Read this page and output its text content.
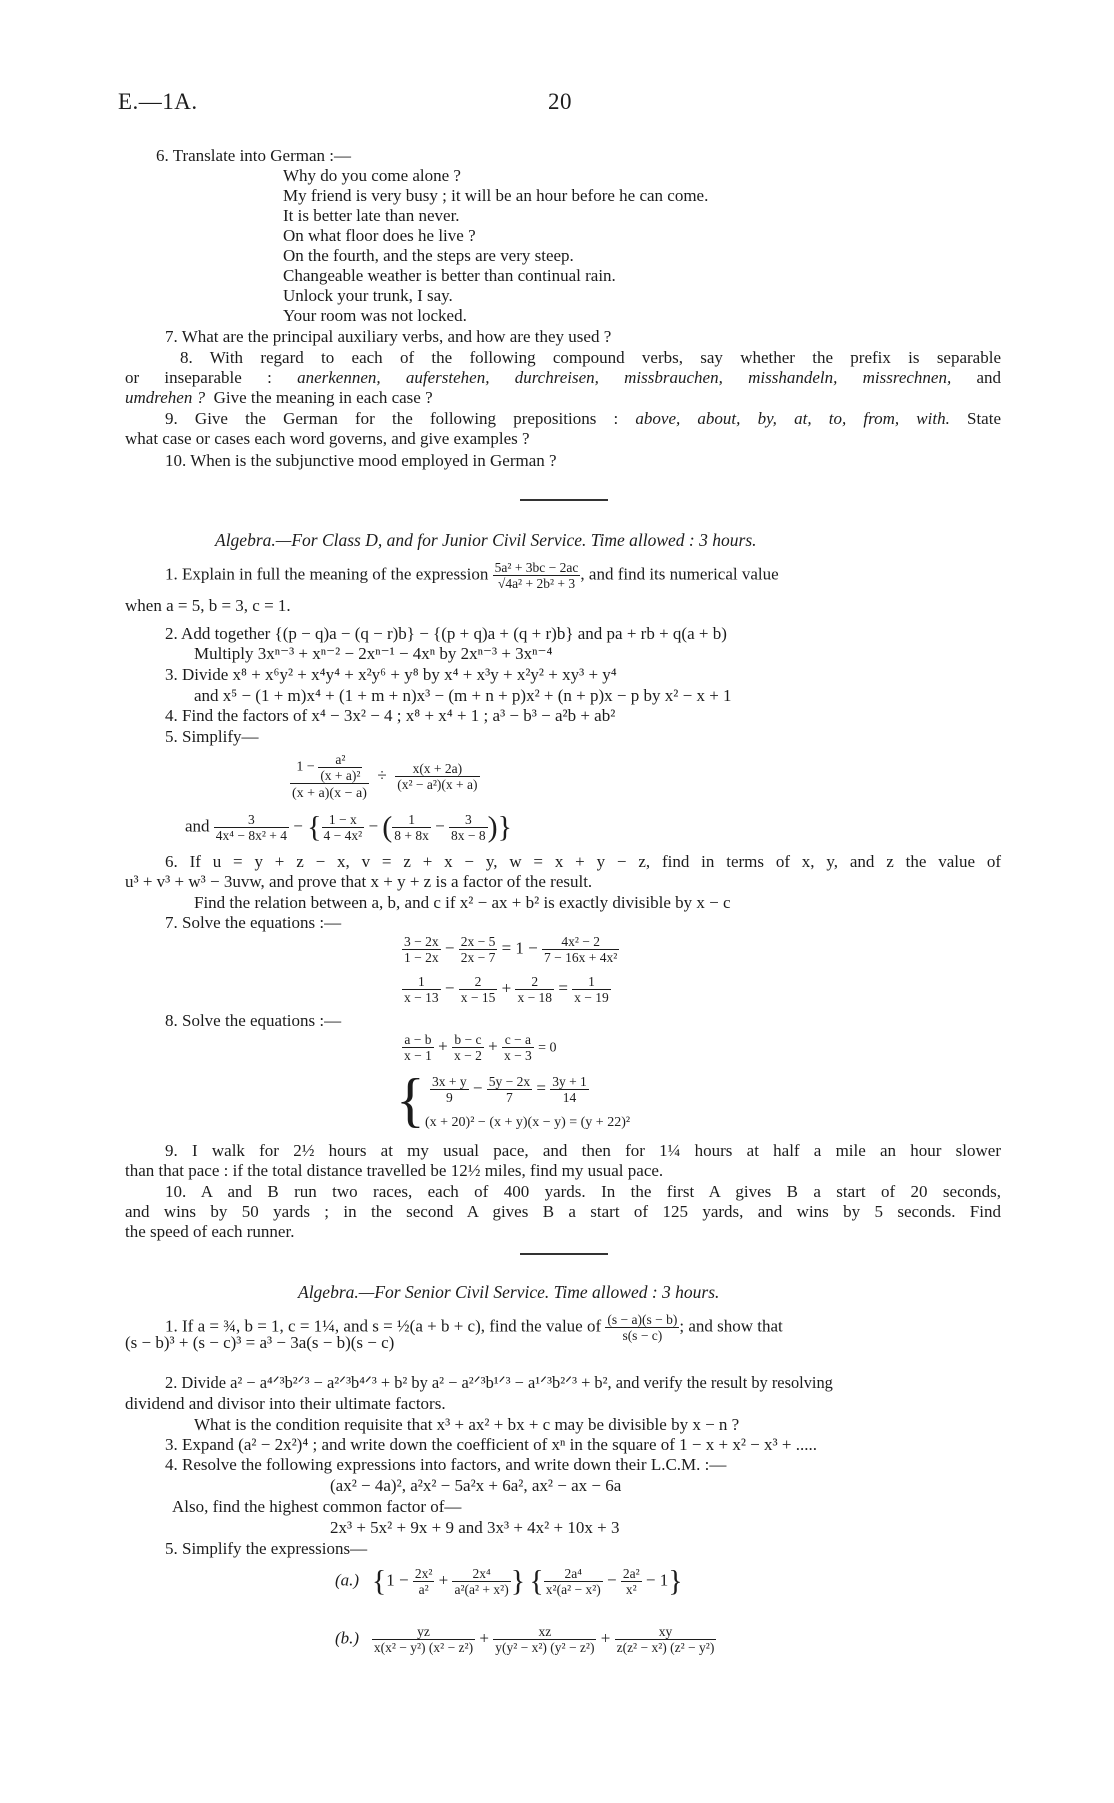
E.—1A.	20
6. Translate into German :—
Why do you come alone ?
My friend is very busy ; it will be an hour before he can come.
It is better late than never.
On what floor does he live ?
On the fourth, and the steps are very steep.
Changeable weather is better than continual rain.
Unlock your trunk, I say.
Your room was not locked.
7. What are the principal auxiliary verbs, and how are they used ?
8. With regard to each of the following compound verbs, say whether the prefix is separable
or inseparable : anerkennen, auferstehen, durchreisen, missbrauchen, misshandeln, missrechnen, and
umdrehen ? Give the meaning in each case ?
9. Give the German for the following prepositions : above, about, by, at, to, from, with. State
what case or cases each word governs, and give examples ?
10. When is the subjunctive mood employed in German ?
Algebra.—For Class D, and for Junior Civil Service. Time allowed : 3 hours.
1. Explain in full the meaning of the expression $\frac{\text{5a² + 3bc − 2ac}}{\text{√4a² + 2b² + 3}}$ , and find its numerical value
when a = 5, b = 3, c = 1.
2. Add together {(p − q)a − (q − r)b} − {(p + q)a + (q + r)b} and pa + rb + q(a + b)
Multiply 3xⁿ⁻³ + xⁿ⁻² − 2xⁿ⁻¹ − 4xⁿ by 2xⁿ⁻³ + 3xⁿ⁻⁴
3. Divide x⁸ + x⁶y² + x⁴y⁴ + x²y⁶ + y⁸ by x⁴ + x³y + x²y² + xy³ + y⁴
and x⁵ − (1 + m)x⁴ + (1 + m + n)x³ − (m + n + p)x² + (n + p)x − p by x² − x + 1
4. Find the factors of x⁴ − 3x² − 4 ; x⁸ + x⁴ + 1 ; a³ − b³ − a²b + ab²
5. Simplify—
$\frac{1 - \frac{\text{a²}}{\text{(x + a)²}}}{(x + a)(x - a)} \div \frac{x(x + 2a)}{\text{(x² − a²)(x + a)}}$
and $\frac{3}{\text{4x⁴ − 8x² + 4}}$ − { $\frac{1 - x}{\text{4 − 4x²}}$ − ( $\frac{1}{8 + 8x} - \frac{3}{8x - 8}$ )}
6. If u = y + z − x, v = z + x − y, w = x + y − z, find in terms of x, y, and z the value of
u³ + v³ + w³ − 3uvw, and prove that x + y + z is a factor of the result.
Find the relation between a, b, and c if x² − ax + b² is exactly divisible by x − c
7. Solve the equations :—
$\frac{3 - 2x}{1 - 2x} - \frac{2x - 5}{2x - 7} = 1 - \frac{\text{4x² − 2}}{\text{7 − 16x + 4x²}}$
$\frac{1}{x - 13} - \frac{2}{x - 15} + \frac{2}{x - 18} = \frac{1}{x - 19}$
8. Solve the equations :—
$\frac{a - b}{x - 1} + \frac{b - c}{x - 2} + \frac{c - a}{x - 3} = 0$
{ $\frac{3x + y}{9} - \frac{5y - 2x}{7} = \frac{3y + 1}{14}$
(x + 20)² − (x + y)(x − y) = (y + 22)²
9. I walk for 2½ hours at my usual pace, and then for 1¼ hours at half a mile an hour slower
than that pace : if the total distance travelled be 12½ miles, find my usual pace.
10. A and B run two races, each of 400 yards. In the first A gives B a start of 20 seconds,
and wins by 50 yards ; in the second A gives B a start of 125 yards, and wins by 5 seconds. Find
the speed of each runner.
Algebra.—For Senior Civil Service. Time allowed : 3 hours.
1. If a = ¾, b = 1, c = 1¼, and s = ½(a + b + c), find the value of $\frac{(s - a)(s - b)}{s(s - c)}$ ; and show that
(s − b)³ + (s − c)³ = a³ − 3a(s − b)(s − c)
2. Divide a² − a⁴ᐟ³b²ᐟ³ − a²ᐟ³b⁴ᐟ³ + b² by a² − a²ᐟ³b¹ᐟ³ − a¹ᐟ³b²ᐟ³ + b², and verify the result by resolving
dividend and divisor into their ultimate factors.
What is the condition requisite that x³ + ax² + bx + c may be divisible by x − n ?
3. Expand (a² − 2x²)⁴ ; and write down the coefficient of xⁿ in the square of 1 − x + x² − x³ + .....
4. Resolve the following expressions into factors, and write down their L.C.M. :—
(ax² − 4a)², a²x² − 5a²x + 6a², ax² − ax − 6a
Also, find the highest common factor of—
2x³ + 5x² + 9x + 9 and 3x³ + 4x² + 10x + 3
5. Simplify the expressions—
(a.) {$1 - \frac{\text{2x²}}{\text{a²}} + \frac{\text{2x⁴}}{\text{a²(a² + x²)}}$ } { $\frac{\text{2a⁴}}{\text{x²(a² − x²)}} - \frac{\text{2a²}}{\text{x²}} - 1$}
$(b.) \frac{yz}{\text{x(x² − y²) (x² − z²)}} + \frac{xz}{\text{y(y² − x²) (y² − z²)}} + \frac{xy}{\text{z(z² − x²) (z² − y²)}}$
